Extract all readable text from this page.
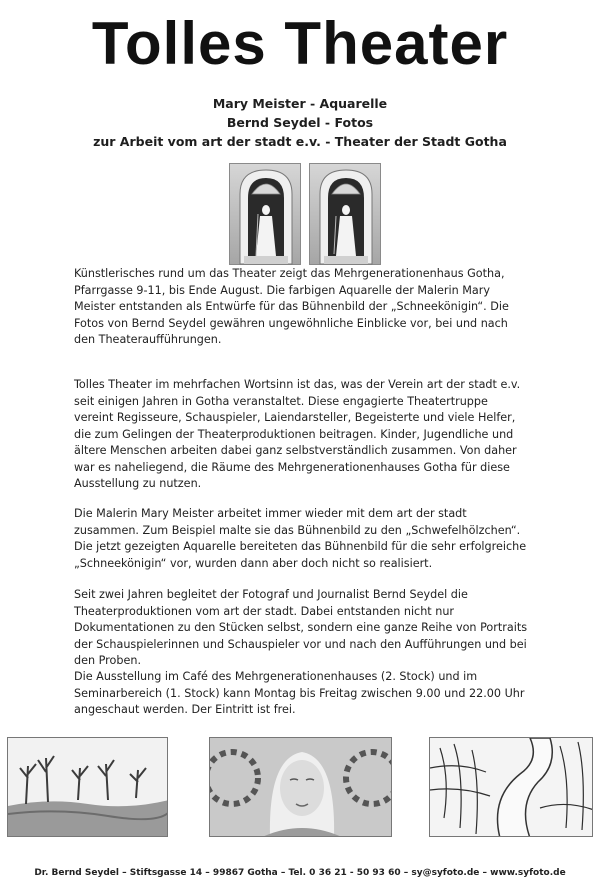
Tolles Theater
Mary Meister - Aquarelle
Bernd Seydel - Fotos
zur Arbeit vom art der stadt e.v. - Theater der Stadt Gotha

Künstlerisches rund um das Theater zeigt das Mehrgenerationenhaus Gotha, Pfarrgasse 9-11, bis Ende August. Die farbigen Aquarelle der Malerin Mary Meister entstanden als Entwürfe für das Bühnenbild der „Schneekönigin“. Die Fotos von Bernd Seydel gewähren ungewöhnliche Einblicke vor, bei und nach den Theateraufführungen.

Tolles Theater im mehrfachen Wortsinn ist das, was der Verein art der stadt e.v. seit einigen Jahren in Gotha veranstaltet. Diese engagierte Theatertruppe vereint Regisseure, Schauspieler, Laiendarsteller, Begeisterte und viele Helfer, die zum Gelingen der Theaterproduktionen beitragen. Kinder, Jugendliche und ältere Menschen arbeiten dabei ganz selbstverständlich zusammen. Von daher war es naheliegend, die Räume des Mehrgenerationenhauses Gotha für diese Ausstellung zu nutzen.

Die Malerin Mary Meister arbeitet immer wieder mit dem art der stadt zusammen. Zum Beispiel malte sie das Bühnenbild zu den „Schwefelhölzchen“. Die jetzt gezeigten Aquarelle bereiteten das Bühnenbild für die sehr erfolgreiche „Schneekönigin“ vor, wurden dann aber doch nicht so realisiert.

Seit zwei Jahren begleitet der Fotograf und Journalist Bernd Seydel die Theaterproduktionen vom art der stadt. Dabei entstanden nicht nur Dokumentationen zu den Stücken selbst, sondern eine ganze Reihe von Portraits der Schauspielerinnen und Schauspieler vor und nach den Aufführungen und bei den Proben.

Die Ausstellung im Café des Mehrgenerationenhauses (2. Stock) und im Seminarbereich (1. Stock) kann Montag bis Freitag zwischen 9.00 und 22.00 Uhr angeschaut werden. Der Eintritt ist frei.

Dr. Bernd Seydel – Stiftsgasse 14 – 99867 Gotha – Tel. 0 36 21 - 50 93 60 – sy@syfoto.de – www.syfoto.de
